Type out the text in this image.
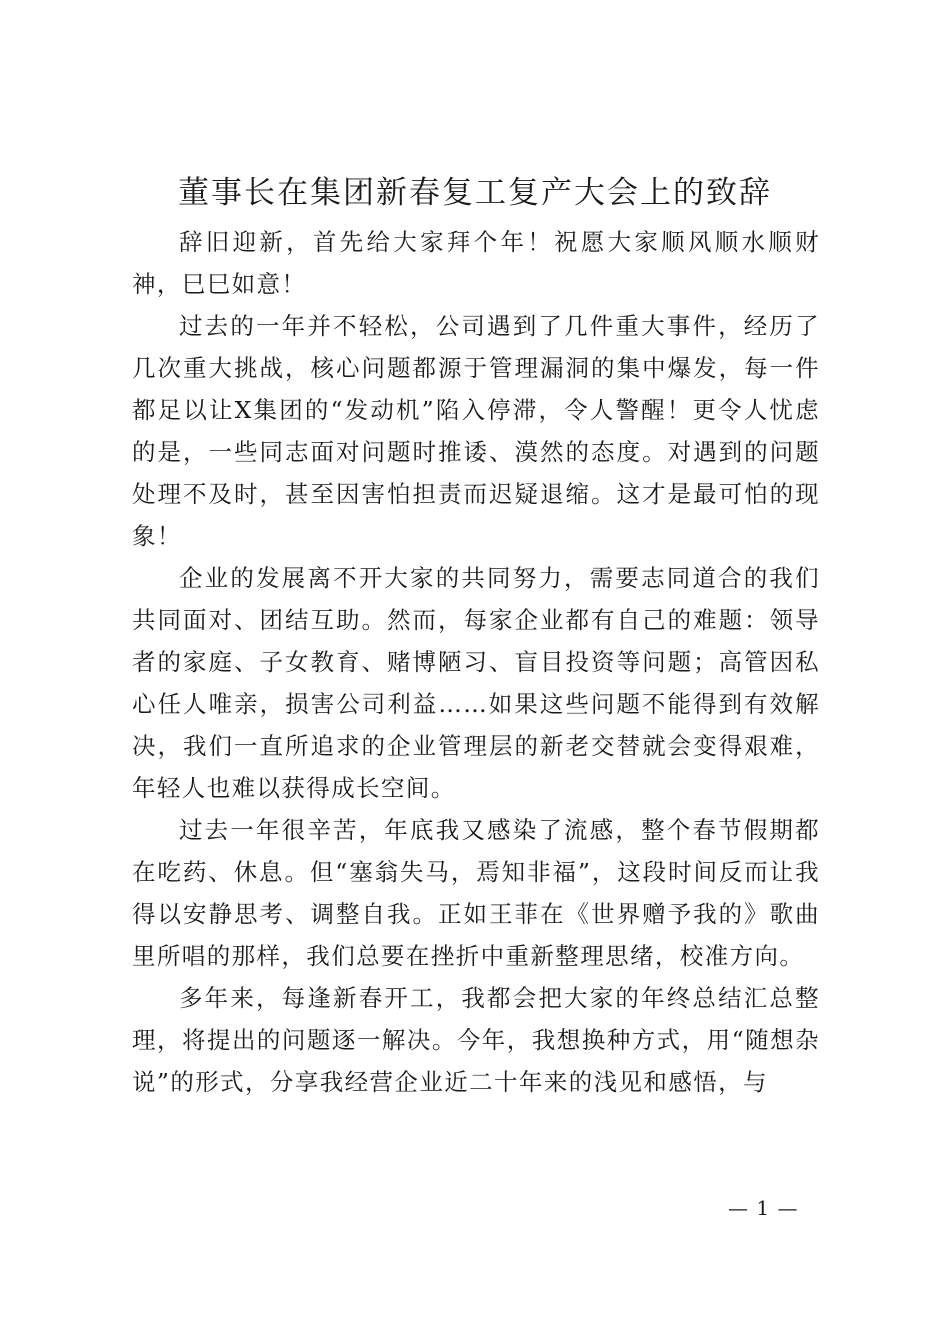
董事长在集团新春复工复产大会上的致辞

辞旧迎新，首先给大家拜个年！祝愿大家顺风顺水顺财神，巳巳如意！

过去的一年并不轻松，公司遇到了几件重大事件，经历了几次重大挑战，核心问题都源于管理漏洞的集中爆发，每一件都足以让X集团的“发动机”陷入停滞，令人警醒！更令人忧虑的是，一些同志面对问题时推诿、漠然的态度。对遇到的问题处理不及时，甚至因害怕担责而迟疑退缩。这才是最可怕的现象！

企业的发展离不开大家的共同努力，需要志同道合的我们共同面对、团结互助。然而，每家企业都有自己的难题：领导者的家庭、子女教育、赌博陋习、盲目投资等问题；高管因私心任人唯亲，损害公司利益……如果这些问题不能得到有效解决，我们一直所追求的企业管理层的新老交替就会变得艰难，年轻人也难以获得成长空间。

过去一年很辛苦，年底我又感染了流感，整个春节假期都在吃药、休息。但“塞翁失马，焉知非福”，这段时间反而让我得以安静思考、调整自我。正如王菲在《世界赠予我的》歌曲里所唱的那样，我们总要在挫折中重新整理思绪，校准方向。

多年来，每逢新春开工，我都会把大家的年终总结汇总整理，将提出的问题逐一解决。今年，我想换种方式，用“随想杂说”的形式，分享我经营企业近二十年来的浅见和感悟，与

— 1 —
